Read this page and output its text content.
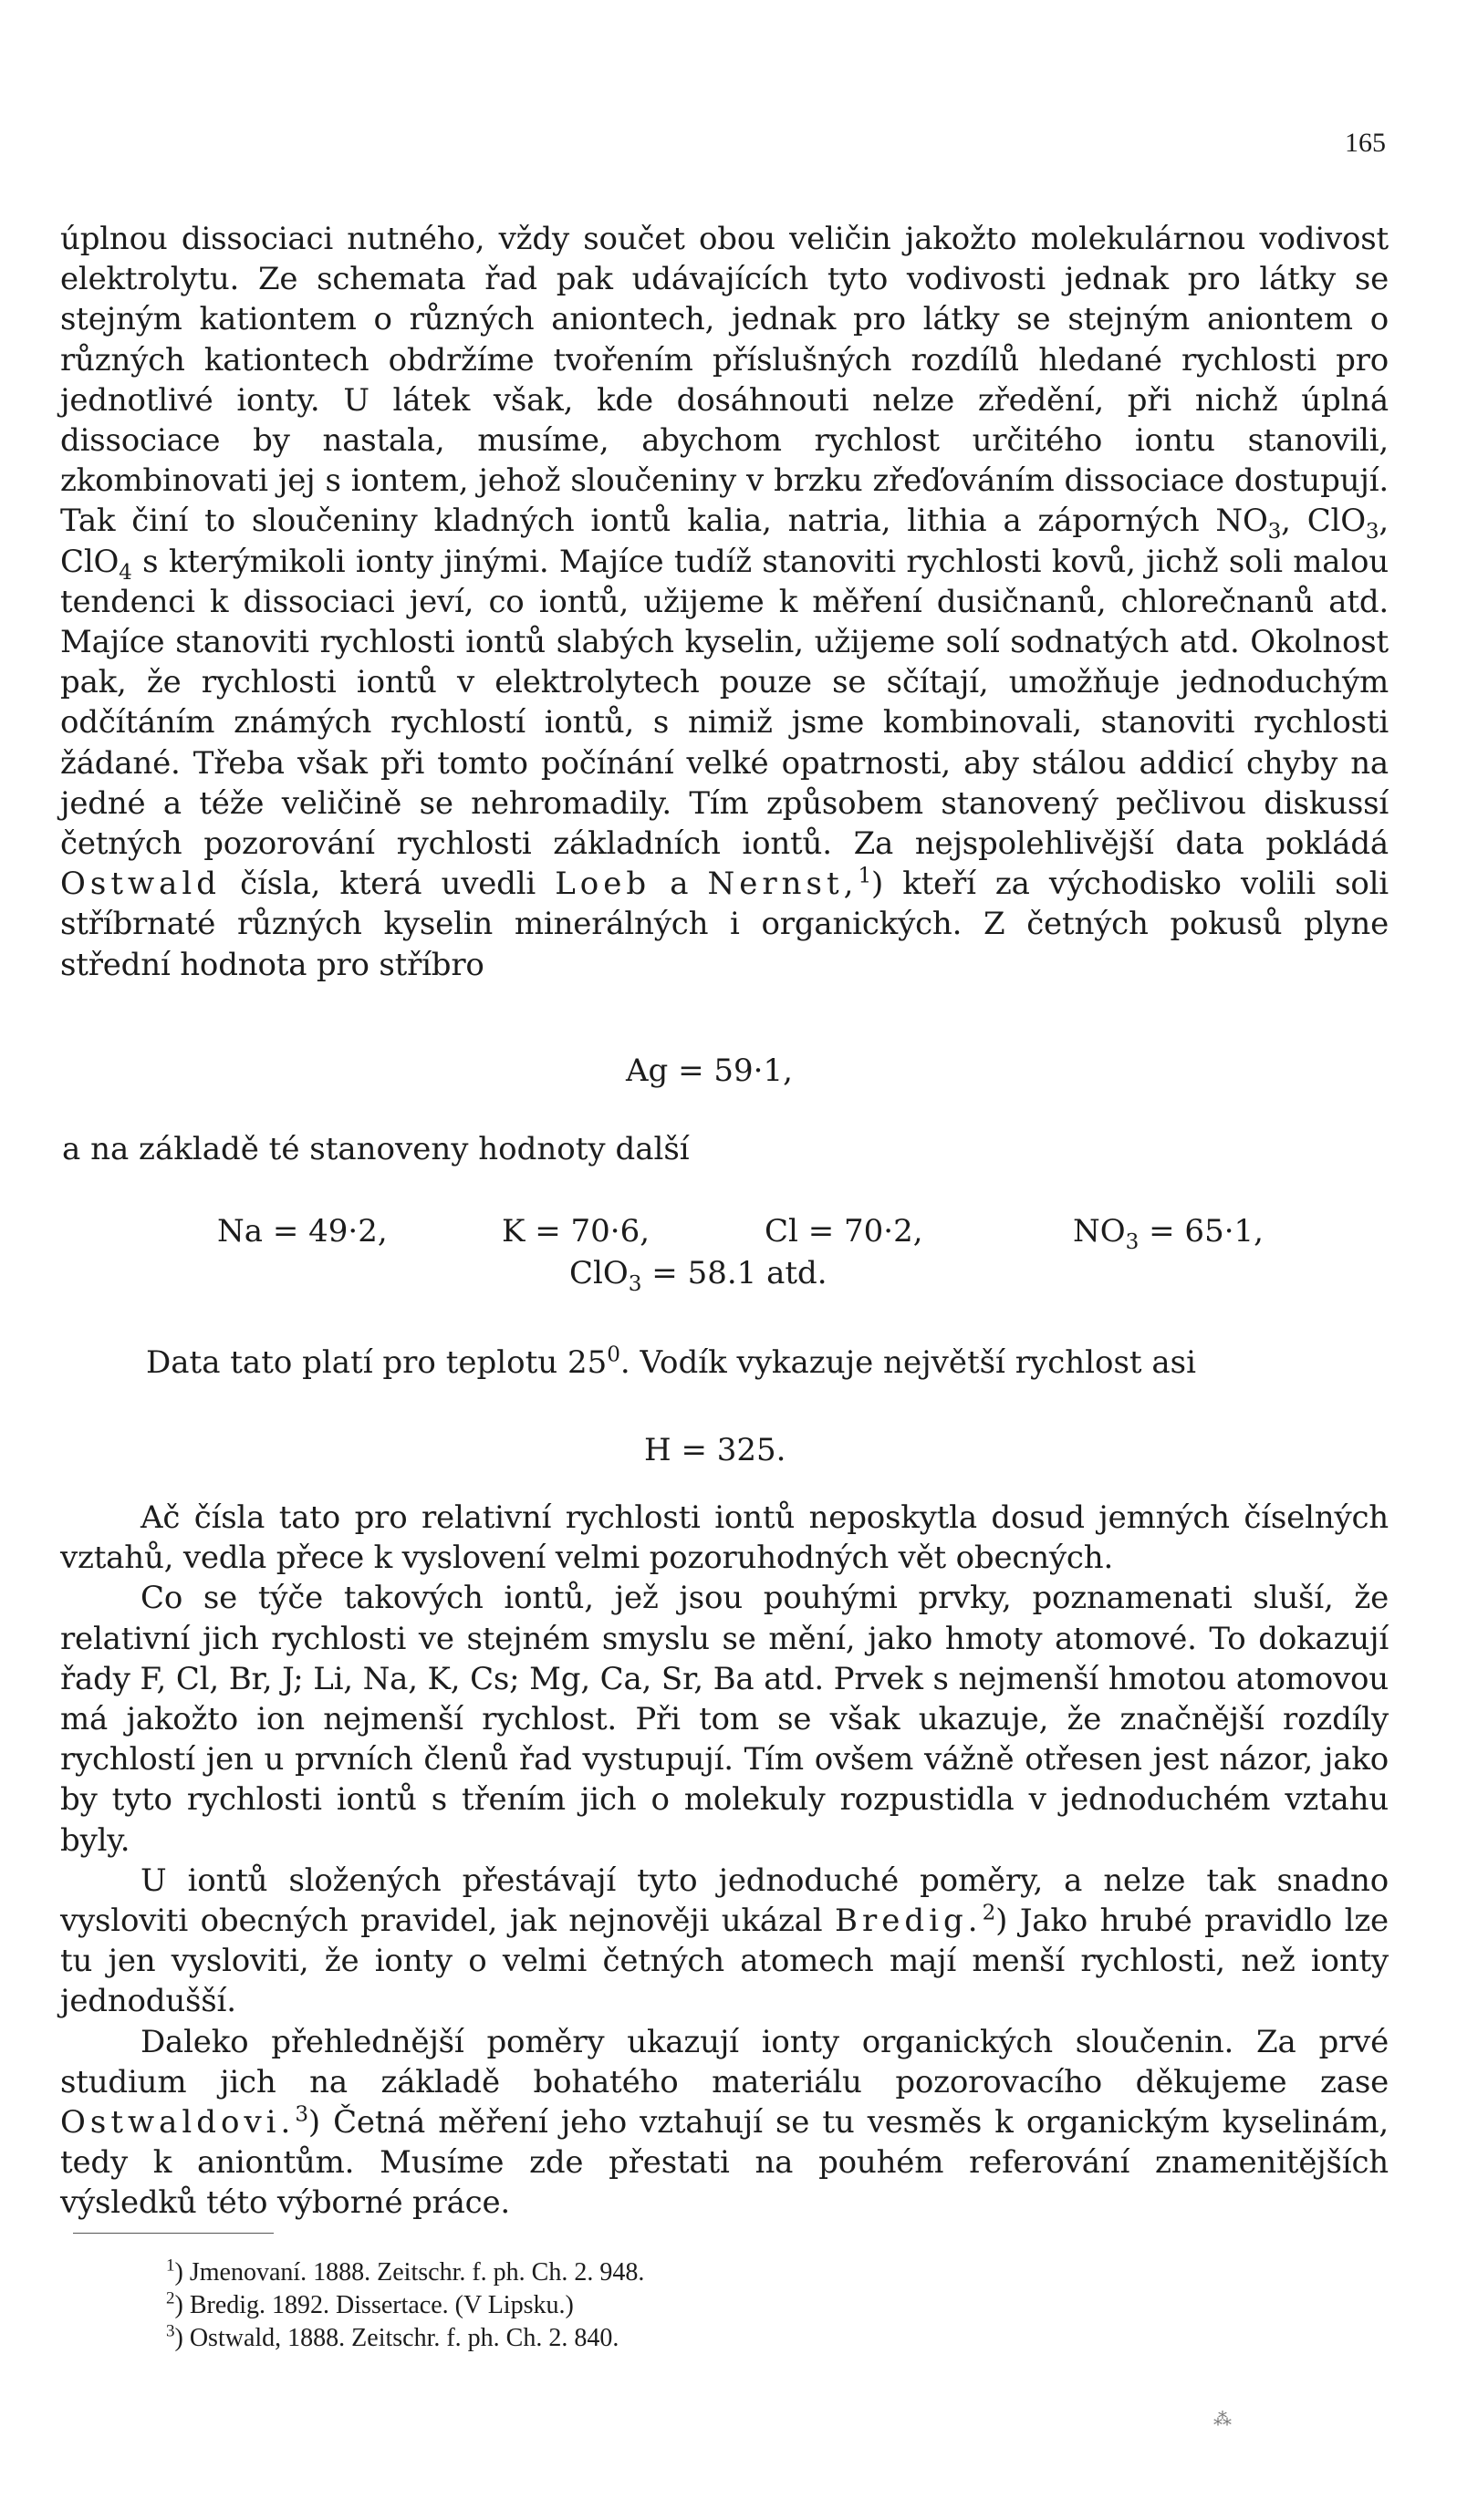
165

úplnou dissociaci nutného, vždy součet obou veličin jakožto molekulárnou vodivost elektrolytu. Ze schemata řad pak udávajících tyto vodivosti jednak pro látky se stejným kationtem o různých aniontech, jednak pro látky se stejným aniontem o různých kationtech obdržíme tvořením příslušných rozdílů hledané rychlosti pro jednotlivé ionty. U látek však, kde dosáhnouti nelze zředění, při nichž úplná dissociace by nastala, musíme, abychom rychlost určitého iontu stanovili, zkombinovati jej s iontem, jehož sloučeniny v brzku zřeďováním dissociace dostupují. Tak činí to sloučeniny kladných iontů kalia, natria, lithia a záporných $NO_3$, ClO$_3$, ClO$_4$ s kterýmikoli ionty jinými. Majíce tudíž stanoviti rychlosti kovů, jichž soli malou tendenci k dissociaci jeví, co iontů, užijeme k měření dusičnanů, chlorečnanů atd. Majíce stanoviti rychlosti iontů slabých kyselin, užijeme solí sodnatých atd. Okolnost pak, že rychlosti iontů v elektrolytech pouze se sčítají, umožňuje jednoduchým odčítáním známých rychlostí iontů, s nimiž jsme kombinovali, stanoviti rychlosti žádané. Třeba však při tomto počínání velké opatrnosti, aby stálou addicí chyby na jedné a téže veličině se nehromadily. Tím způsobem stanovený pečlivou diskussí četných pozorování rychlosti základních iontů. Za nejspolehlivější data pokládá Ostwald čísla, která uvedli Loeb a Nernst,$^1$) kteří za východisko volili soli stříbrnaté různých kyselin minerálných i organických. Z četných pokusů plyne střední hodnota pro stříbro

Ag = 59·1,
a na základě té stanoveny hodnoty další
Na = 49·2,	K = 70·6,	Cl = 70·2,	$NO_3 = 65\cdot 1$,
ClO$_3$ = 58.1 atd.
Data tato platí pro teplotu $25^0$. Vodík vykazuje největší rychlost asi
H = 325.

Ač čísla tato pro relativní rychlosti iontů neposkytla dosud jemných číselných vztahů, vedla přece k vyslovení velmi pozoruhodných vět obecných.

Co se týče takových iontů, jež jsou pouhými prvky, poznamenati sluší, že relativní jich rychlosti ve stejném smyslu se mění, jako hmoty atomové. To dokazují řady F, Cl, Br, J; Li, Na, K, Cs; Mg, Ca, Sr, Ba atd. Prvek s nejmenší hmotou atomovou má jakožto ion nejmenší rychlost. Při tom se však ukazuje, že značnější rozdíly rychlostí jen u prvních členů řad vystupují. Tím ovšem vážně otřesen jest názor, jako by tyto rychlosti iontů s třením jich o molekuly rozpustidla v jednoduchém vztahu byly.

U iontů složených přestávají tyto jednoduché poměry, a nelze tak snadno vysloviti obecných pravidel, jak nejnověji ukázal Bredig.$^2$) Jako hrubé pravidlo lze tu jen vysloviti, že ionty o velmi četných atomech mají menší rychlosti, než ionty jednodušší.

Daleko přehlednější poměry ukazují ionty organických sloučenin. Za prvé studium jich na základě bohatého materiálu pozorovacího děkujeme zase Ostwaldovi.$^3$) Četná měření jeho vztahují se tu vesměs k organickým kyselinám, tedy k aniontům. Musíme zde přestati na pouhém referování znamenitějších výsledků této výborné práce.

$^1$) Jmenovaní. 1888. Zeitschr. f. ph. Ch. 2. 948.
$^2$) Bredig. 1892. Dissertace. (V Lipsku.)
$^3$) Ostwald, 1888. Zeitschr. f. ph. Ch. 2. 840.
⁂
